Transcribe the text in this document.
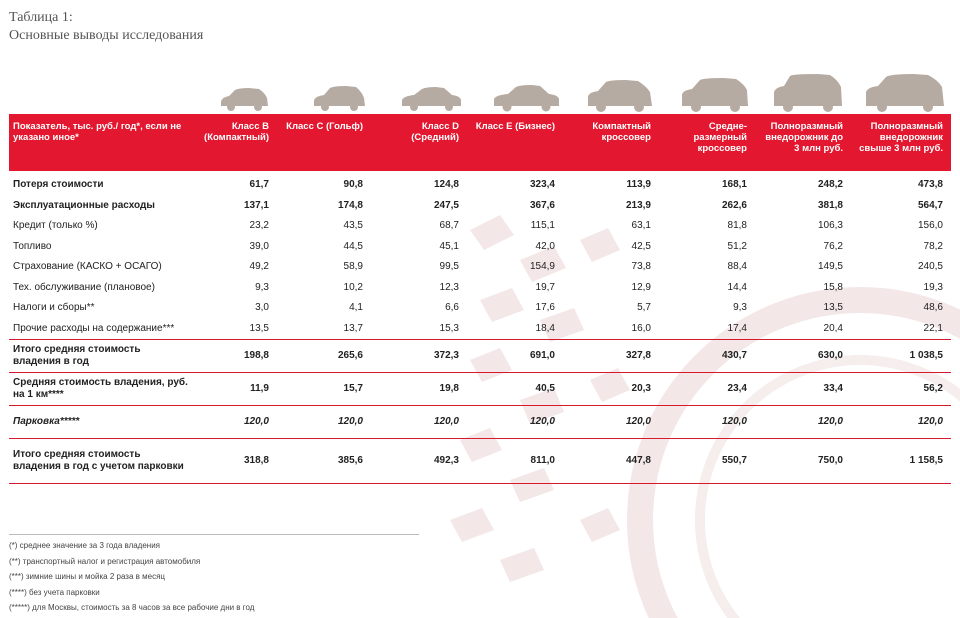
Таблица 1:
Основные выводы исследования
Показатель, тыс. руб./ год*, если не указано иное*	Класс B (Компактный)	Класс С (Гольф)	Класс D (Средний)	Класс E (Бизнес)	Компактный кроссовер	Средне-размерный кроссовер	Полноразмный внедорожник до 3 млн руб.	Полноразмный внедорожник свыше 3 млн руб.
Потеря стоимости	61,7	90,8	124,8	323,4	113,9	168,1	248,2	473,8
Эксплуатационные расходы	137,1	174,8	247,5	367,6	213,9	262,6	381,8	564,7
Кредит (только %)	23,2	43,5	68,7	115,1	63,1	81,8	106,3	156,0
Топливо	39,0	44,5	45,1	42,0	42,5	51,2	76,2	78,2
Страхование (КАСКО + ОСАГО)	49,2	58,9	99,5	154,9	73,8	88,4	149,5	240,5
Тех. обслуживание (плановое)	9,3	10,2	12,3	19,7	12,9	14,4	15,8	19,3
Налоги и сборы**	3,0	4,1	6,6	17,6	5,7	9,3	13,5	48,6
Прочие расходы на содержание***	13,5	13,7	15,3	18,4	16,0	17,4	20,4	22,1
Итого средняя стоимость владения в год	198,8	265,6	372,3	691,0	327,8	430,7	630,0	1 038,5
Средняя стоимость владения, руб. на 1 км****	11,9	15,7	19,8	40,5	20,3	23,4	33,4	56,2
Парковка*****	120,0	120,0	120,0	120,0	120,0	120,0	120,0	120,0
Итого средняя стоимость владения в год с учетом парковки	318,8	385,6	492,3	811,0	447,8	550,7	750,0	1 158,5
(*) среднее значение за 3 года владения
(**) транспортный налог и регистрация автомобиля
(***) зимние шины и мойка 2 раза в месяц
(****) без учета парковки
(*****) для Москвы, стоимость за 8 часов за все рабочие дни в год
